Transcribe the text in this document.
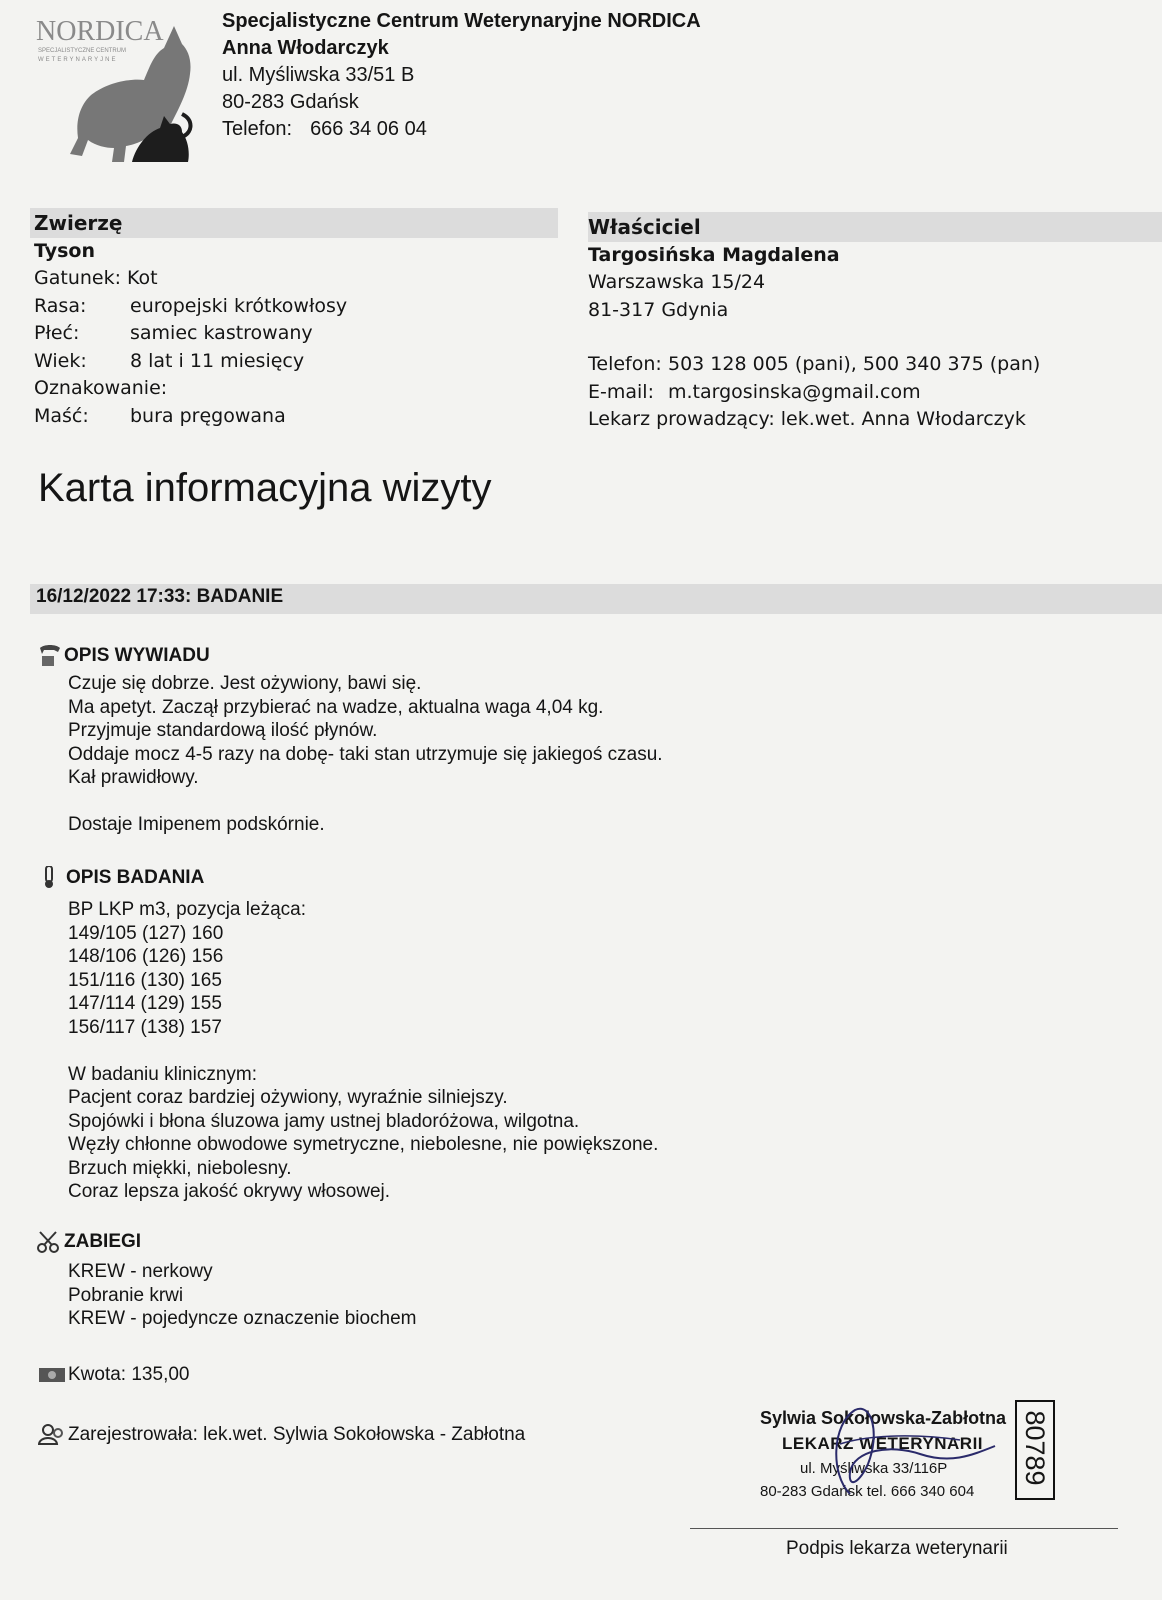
NORDICA
SPECJALISTYCZNE CENTRUM
WETERYNARYJNE
Specjalistyczne Centrum Weterynaryjne NORDICA
Anna Włodarczyk
ul. Myśliwska 33/51 B
80-283 Gdańsk
Telefon: 666 34 06 04
Zwierzę
Tyson
Gatunek:
Kot
Rasa:	europejski krótkowłosy
Płeć:	samiec kastrowany
Wiek:	8 lat i 11 miesięcy
Oznakowanie:
Maść:	bura pręgowana
Właściciel
Targosińska Magdalena
Warszawska 15/24
81-317 Gdynia
Telefon: 503 128 005 (pani), 500 340 375 (pan)
E-mail: m.targosinska@gmail.com
Lekarz prowadzący: lek.wet. Anna Włodarczyk
Karta informacyjna wizyty
16/12/2022 17:33: BADANIE
OPIS WYWIADU
Czuje się dobrze. Jest ożywiony, bawi się.
Ma apetyt. Zaczął przybierać na wadze, aktualna waga 4,04 kg.
Przyjmuje standardową ilość płynów.
Oddaje mocz 4-5 razy na dobę- taki stan utrzymuje się jakiegoś czasu.
Kał prawidłowy.

Dostaje Imipenem podskórnie.
OPIS BADANIA
BP LKP m3, pozycja leżąca:
149/105 (127) 160
148/106 (126) 156
151/116 (130) 165
147/114 (129) 155
156/117 (138) 157

W badaniu klinicznym:
Pacjent coraz bardziej ożywiony, wyraźnie silniejszy.
Spojówki i błona śluzowa jamy ustnej bladoróżowa, wilgotna.
Węzły chłonne obwodowe symetryczne, niebolesne, nie powiększone.
Brzuch miękki, niebolesny.
Coraz lepsza jakość okrywy włosowej.
ZABIEGI
KREW - nerkowy
Pobranie krwi
KREW - pojedyncze oznaczenie biochem
Kwota: 135,00
Zarejestrowała: lek.wet. Sylwia Sokołowska - Zabłotna
Sylwia Sokołowska-Zabłotna
LEKARZ WETERYNARII
ul. Myśliwska 33/116P
80-283 Gdańsk tel. 666 340 604
80789
Podpis lekarza weterynarii
